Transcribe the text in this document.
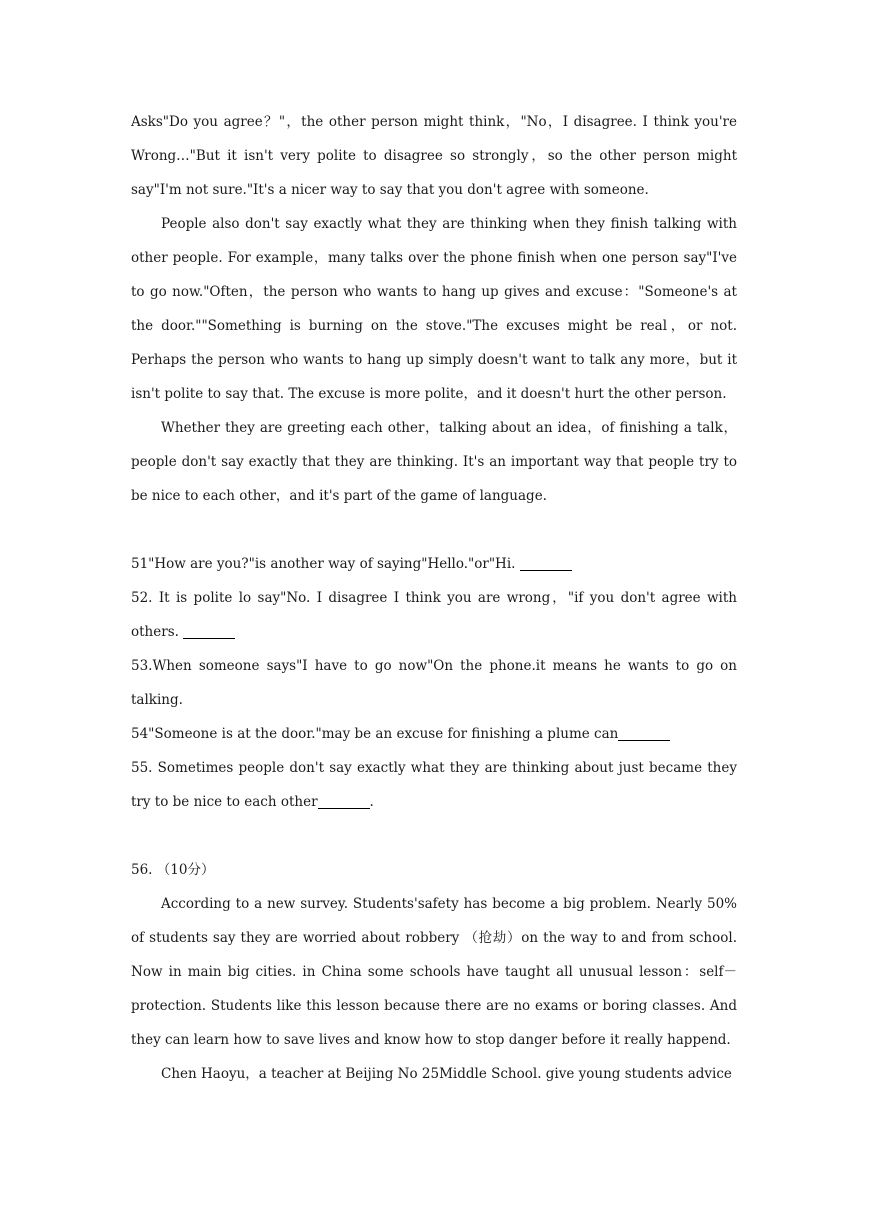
Asks"Do you agree？"，the other person might think，"No，I disagree. I think you're Wrong…"But it isn't very polite to disagree so strongly，so the other person might say"I'm not sure."It's a nicer way to say that you don't agree with someone.

People also don't say exactly what they are thinking when they finish talking with other people. For example，many talks over the phone finish when one person say"I've to go now."Often，the person who wants to hang up gives and excuse："Someone's at the door.""Something is burning on the stove."The excuses might be real，or not. Perhaps the person who wants to hang up simply doesn't want to talk any more，but it isn't polite to say that. The excuse is more polite，and it doesn't hurt the other person.

Whether they are greeting each other，talking about an idea，of finishing a talk，people don't say exactly that they are thinking. It's an important way that people try to be nice to each other，and it's part of the game of language.

51"How are you?"is another way of saying"Hello."or"Hi.

52. It is polite lo say"No. I disagree I think you are wrong，"if you don't agree with others.

53.When someone says"I have to go now"On the phone.it means he wants to go on talking.

54"Someone is at the door."may be an excuse for finishing a plume can

55. Sometimes people don't say exactly what they are thinking about just became they try to be nice to each other	.

56. （10分）

According to a new survey. Students'safety has become a big problem. Nearly 50% of students say they are worried about robbery （抢劫）on the way to and from school. Now in main big cities. in China some schools have taught all unusual lesson：self－protection. Students like this lesson because there are no exams or boring classes. And they can learn how to save lives and know how to stop danger before it really happend.

Chen Haoyu，a teacher at Beijing No 25Middle School. give young students advice
